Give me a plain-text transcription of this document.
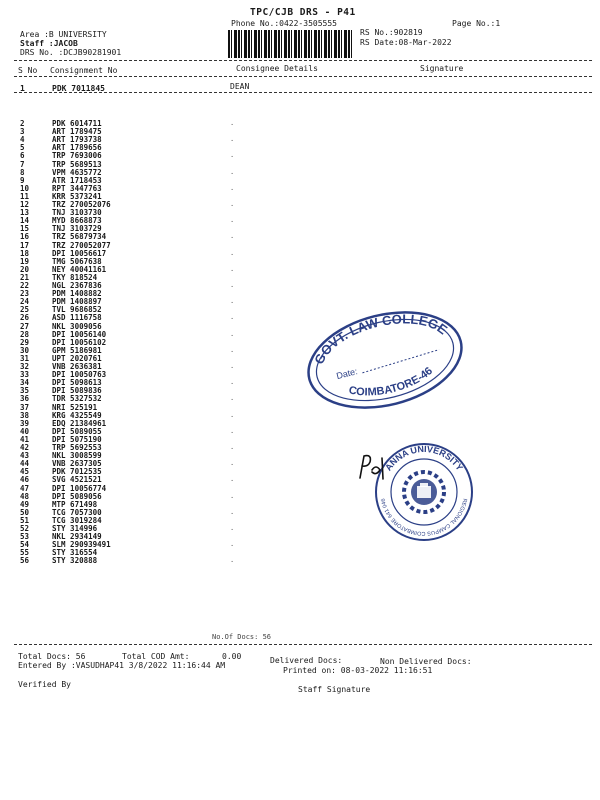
TPC/CJB DRS - P41
Phone No.:0422-3505555	Page No.:1
Area :B UNIVERSITY
Staff :JACOB
DRS No. :DCJB90281901
RS No.:902819
RS Date:08-Mar-2022
S No Consignment No	Consignee Details	Signature
1	PDK 7011845	DEAN
2	PDK 6014711	.
3	ART 1789475
4	ART 1793738	.
5	ART 1789656
6	TRP 7693006	.
7	TRP 5689513
8	VPM 4635772	.
9	ATR 1718453
10	RPT 3447763	.
11	KRR 5373241
12	TRZ 270052076	.
13	TNJ 3103730
14	MYD 8668873	.
15	TNJ 3103729
16	TRZ 56879734	.
17	TRZ 270052077
18	DPI 10056617	.
19	TMG 5067638
20	NEY 40041161	.
21	TKY 818524
22	NGL 2367836	.
23	PDM 1408882
24	PDM 1408897	.
25	TVL 9686852
26	ASD 1116758	.
27	NKL 3009056
28	DPI 10056140	.
29	DPI 10056102
30	GPM 5186981	.
31	UPT 2020761
32	VNB 2636381	.
33	DPI 10050763
34	DPI 5098613	.
35	DPI 5089836
36	TDR 5327532	.
37	NRI 525191
38	KRG 4325549	.
39	EDQ 21384961
40	DPI 5089055	.
41	DPI 5075190
42	TRP 5692553	.
43	NKL 3008599
44	VNB 2637305	.
45	PDK 7012535
46	SVG 4521521	.
47	DPI 10056774
48	DPI 5089056	.
49	MTP 671498
50	TCG 7057300	.
51	TCG 3019284
52	STY 314996	.
53	NKL 2934149
54	SLM 290939491	.
55	STY 316554
56	STY 320888	.
GOVT. LAW COLLEGE
COIMBATORE-46
Date:
ANNA UNIVERSITY
REGIONAL CAMPUS COIMBATORE 641 046
No.Of Docs: 56
Total Docs: 56	Total COD Amt:	0.00	Delivered Docs:	Non Delivered Docs:
Entered By :VASUDHAP41 3/8/2022 11:16:44 AM
Printed on: 08-03-2022 11:16:51
Verified By
Staff Signature
